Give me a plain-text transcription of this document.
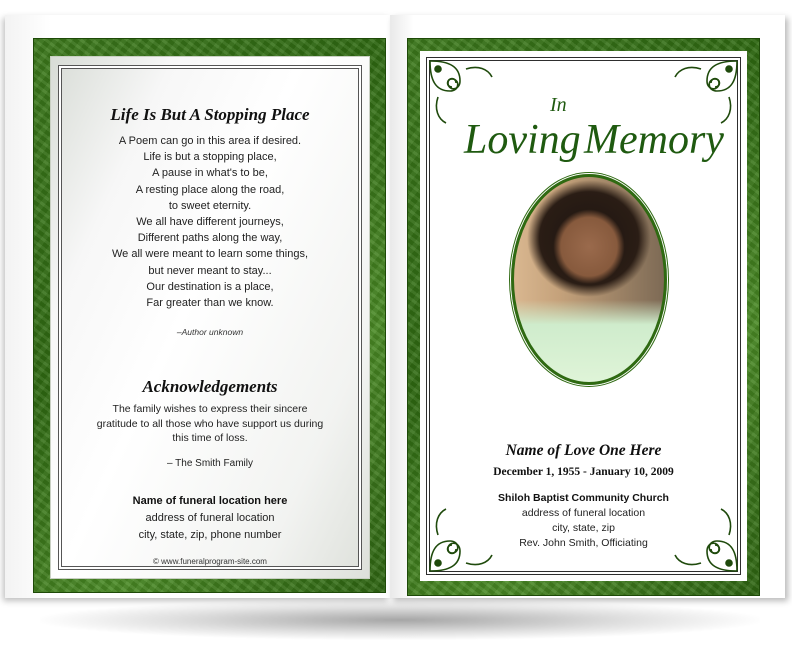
Life Is But A Stopping Place
A Poem can go in this area if desired.
Life is but a stopping place,
A pause in what's to be,
A resting place along the road,
to sweet eternity.
We all have different journeys,
Different paths along the way,
We all were meant to learn some things,
but never meant to stay...
Our destination is a place,
Far greater than we know.
–Author unknown
Acknowledgements
The family wishes to express their sincere
gratitude to all those who have support us during
this time of loss.
– The Smith Family
Name of funeral location here
address of funeral location
city, state, zip, phone number
© www.funeralprogram-site.com
In
Loving Memory
Name of Love One Here
December 1, 1955 - January 10, 2009
Shiloh Baptist Community Church
address of funeral location
city, state, zip
Rev. John Smith, Officiating
